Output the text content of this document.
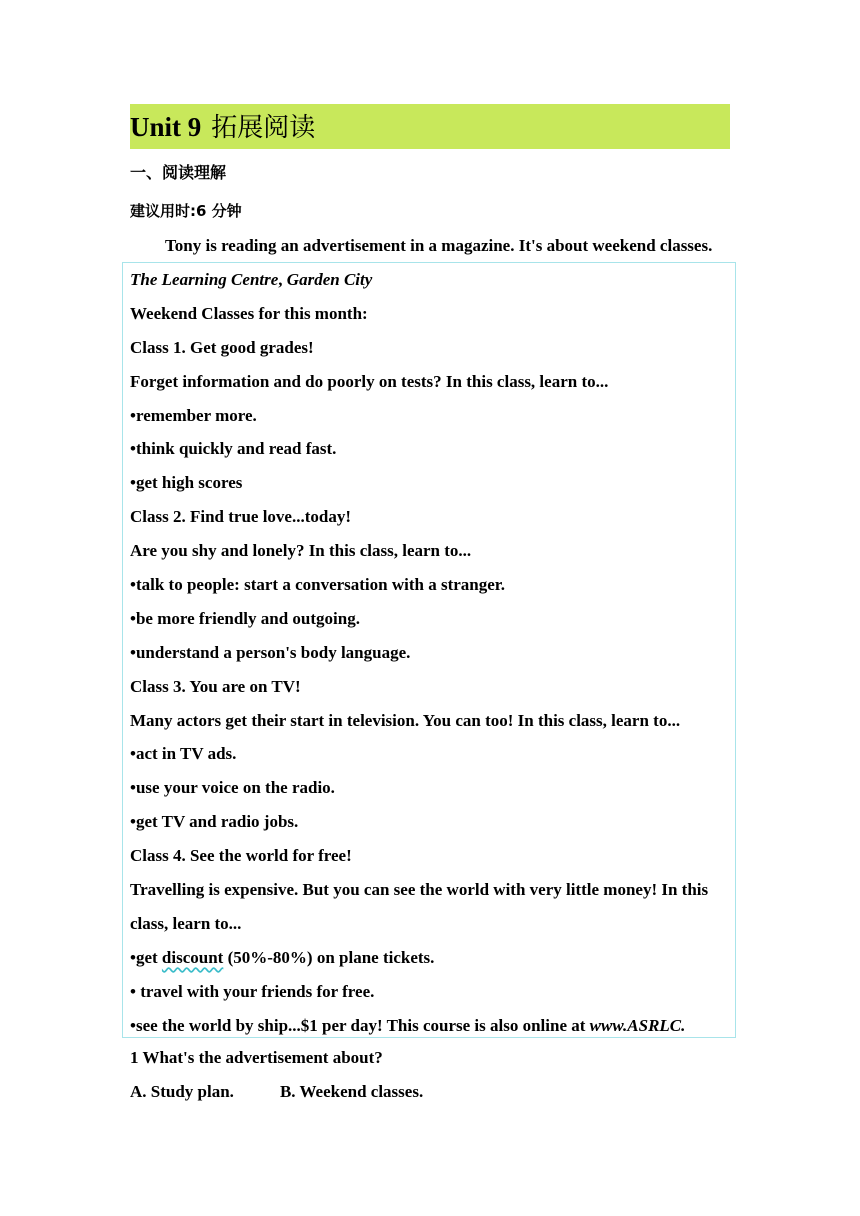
Unit 9 拓展阅读
一、阅读理解
建议用时:6 分钟
Tony is reading an advertisement in a magazine. It's about weekend classes.
The Learning Centre, Garden City
Weekend Classes for this month:
Class 1. Get good grades!
Forget information and do poorly on tests? In this class, learn to...
•remember more.
•think quickly and read fast.
•get high scores
Class 2. Find true love...today!
Are you shy and lonely? In this class, learn to...
•talk to people: start a conversation with a stranger.
•be more friendly and outgoing.
•understand a person's body language.
Class 3. You are on TV!
Many actors get their start in television. You can too! In this class, learn to...
•act in TV ads.
•use your voice on the radio.
•get TV and radio jobs.
Class 4. See the world for free!
Travelling is expensive. But you can see the world with very little money! In this
class, learn to...
•get discount (50%-80%) on plane tickets.
• travel with your friends for free.
•see the world by ship...$1 per day! This course is also online at www.ASRLC.
1 What's the advertisement about?
A. Study plan.	B. Weekend classes.
